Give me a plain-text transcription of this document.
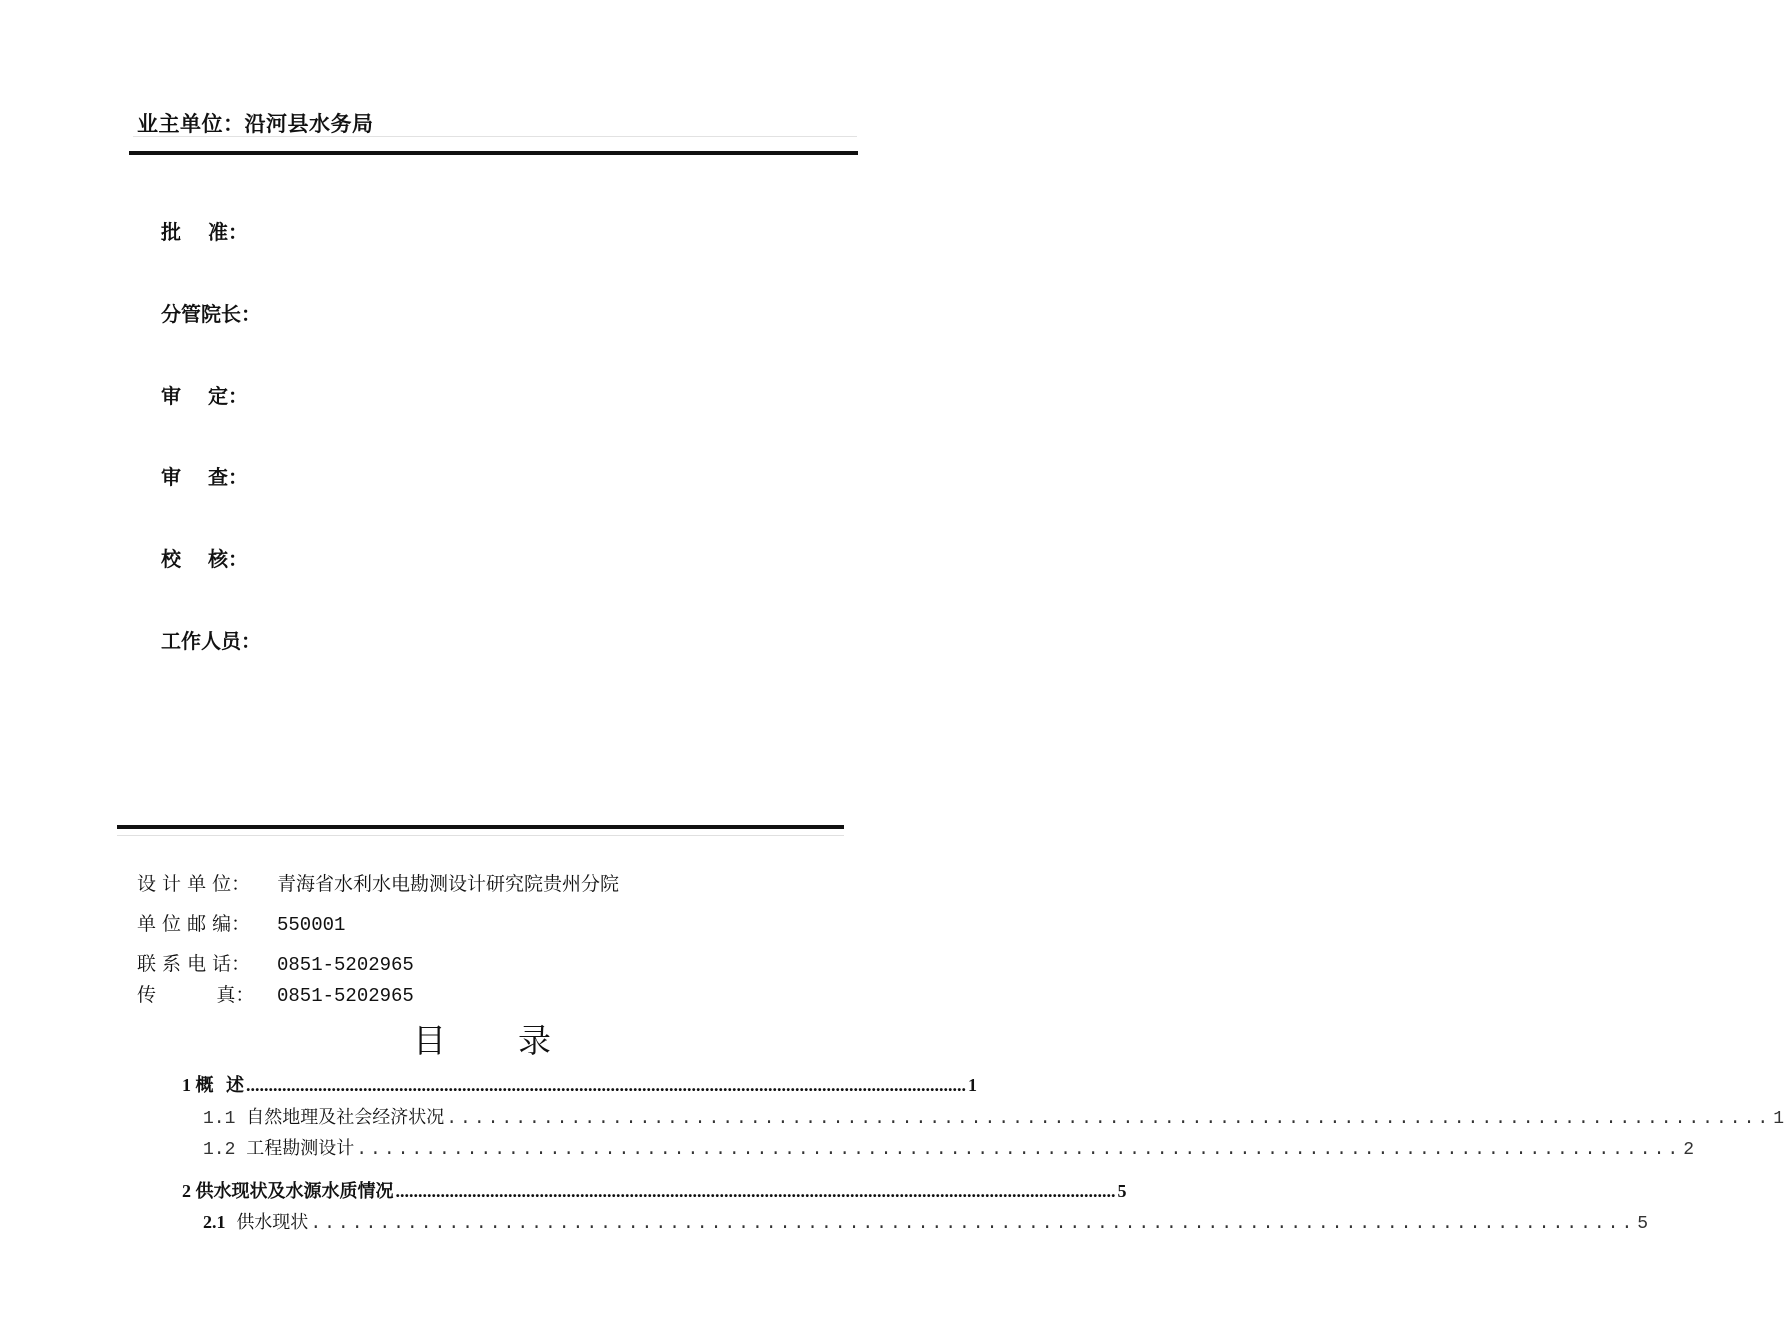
业主单位：沿河县水务局
批 准：
分管院长：
审 定：
审 查：
校 核：
工作人员：
设 计 单 位： 青海省水利水电勘测设计研究院贵州分院
单 位 邮 编： 550001
联 系 电 话： 0851-5202965
传          真： 0851-5202965
目 录
1
概  述 ................................................................................................................................................................ 1
1.1
自然地理及社会经济状况 ................................................................................................ 1
1.2
工程勘测设计 ................................................................................................ 2
2
供水现状及水源水质情况 ................................................................................................................................................................ 5
2.1
供水现状 ................................................................................................ 5
